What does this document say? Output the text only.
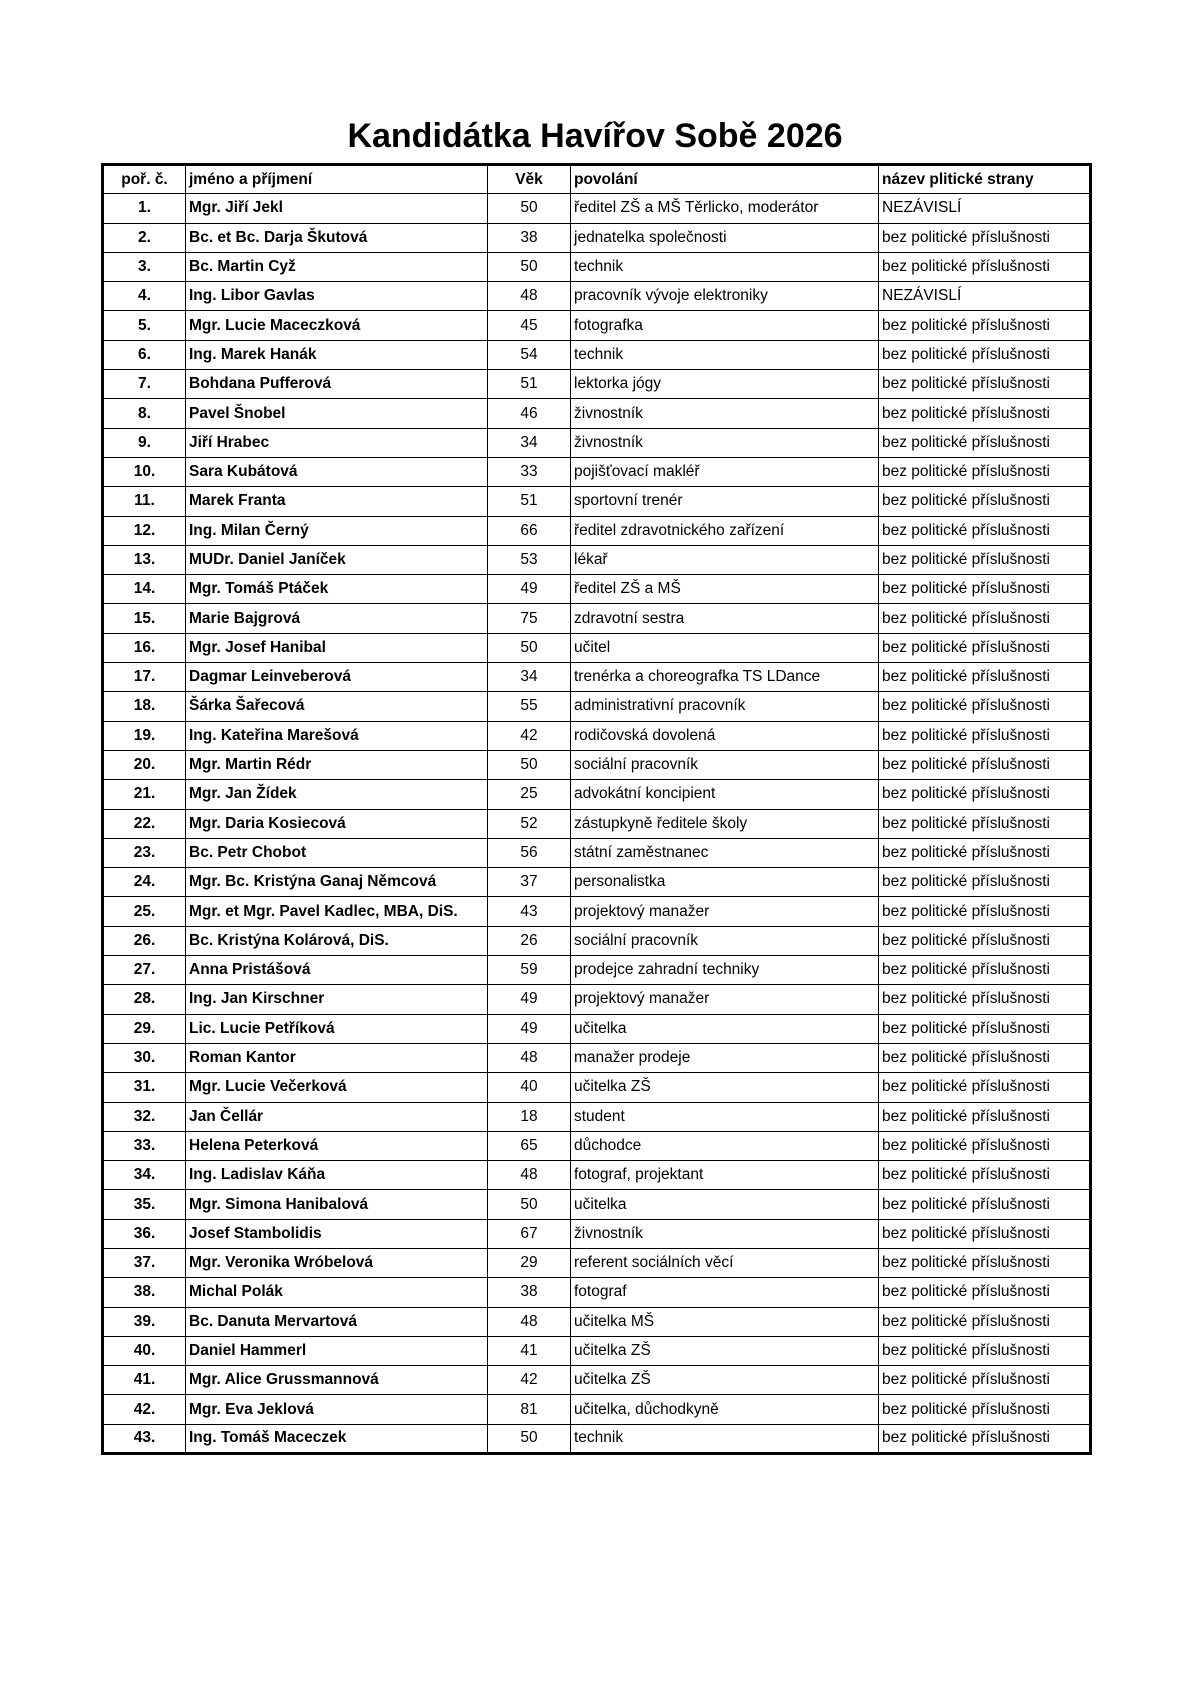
Kandidátka Havířov Sobě 2026
poř. č.	jméno a příjmení	Věk	povolání	název plitické strany
1.	Mgr. Jiří Jekl	50	ředitel ZŠ a MŠ Těrlicko, moderátor	NEZÁVISLÍ
2.	Bc. et Bc. Darja Škutová	38	jednatelka společnosti	bez politické příslušnosti
3.	Bc. Martin Cyž	50	technik	bez politické příslušnosti
4.	Ing. Libor Gavlas	48	pracovník vývoje elektroniky	NEZÁVISLÍ
5.	Mgr. Lucie Maceczková	45	fotografka	bez politické příslušnosti
6.	Ing. Marek Hanák	54	technik	bez politické příslušnosti
7.	Bohdana Pufferová	51	lektorka jógy	bez politické příslušnosti
8.	Pavel Šnobel	46	živnostník	bez politické příslušnosti
9.	Jiří Hrabec	34	živnostník	bez politické příslušnosti
10.	Sara Kubátová	33	pojišťovací makléř	bez politické příslušnosti
11.	Marek Franta	51	sportovní trenér	bez politické příslušnosti
12.	Ing. Milan Černý	66	ředitel zdravotnického zařízení	bez politické příslušnosti
13.	MUDr. Daniel Janíček	53	lékař	bez politické příslušnosti
14.	Mgr. Tomáš Ptáček	49	ředitel ZŠ a MŠ	bez politické příslušnosti
15.	Marie Bajgrová	75	zdravotní sestra	bez politické příslušnosti
16.	Mgr. Josef Hanibal	50	učitel	bez politické příslušnosti
17.	Dagmar Leinveberová	34	trenérka a choreografka TS LDance	bez politické příslušnosti
18.	Šárka Šařecová	55	administrativní pracovník	bez politické příslušnosti
19.	Ing. Kateřina Marešová	42	rodičovská dovolená	bez politické příslušnosti
20.	Mgr. Martin Rédr	50	sociální pracovník	bez politické příslušnosti
21.	Mgr. Jan Žídek	25	advokátní koncipient	bez politické příslušnosti
22.	Mgr. Daria Kosiecová	52	zástupkyně ředitele školy	bez politické příslušnosti
23.	Bc. Petr Chobot	56	státní zaměstnanec	bez politické příslušnosti
24.	Mgr. Bc. Kristýna Ganaj Němcová	37	personalistka	bez politické příslušnosti
25.	Mgr. et Mgr. Pavel Kadlec, MBA, DiS.	43	projektový manažer	bez politické příslušnosti
26.	Bc. Kristýna Kolárová, DiS.	26	sociální pracovník	bez politické příslušnosti
27.	Anna Pristášová	59	prodejce zahradní techniky	bez politické příslušnosti
28.	Ing. Jan Kirschner	49	projektový manažer	bez politické příslušnosti
29.	Lic. Lucie Petříková	49	učitelka	bez politické příslušnosti
30.	Roman Kantor	48	manažer prodeje	bez politické příslušnosti
31.	Mgr. Lucie Večerková	40	učitelka ZŠ	bez politické příslušnosti
32.	Jan Čellár	18	student	bez politické příslušnosti
33.	Helena Peterková	65	důchodce	bez politické příslušnosti
34.	Ing. Ladislav Káňa	48	fotograf, projektant	bez politické příslušnosti
35.	Mgr. Simona Hanibalová	50	učitelka	bez politické příslušnosti
36.	Josef Stambolidis	67	živnostník	bez politické příslušnosti
37.	Mgr. Veronika Wróbelová	29	referent sociálních věcí	bez politické příslušnosti
38.	Michal Polák	38	fotograf	bez politické příslušnosti
39.	Bc. Danuta Mervartová	48	učitelka MŠ	bez politické příslušnosti
40.	Daniel Hammerl	41	učitelka ZŠ	bez politické příslušnosti
41.	Mgr. Alice Grussmannová	42	učitelka ZŠ	bez politické příslušnosti
42.	Mgr. Eva Jeklová	81	učitelka, důchodkyně	bez politické příslušnosti
43.	Ing. Tomáš Maceczek	50	technik	bez politické příslušnosti
